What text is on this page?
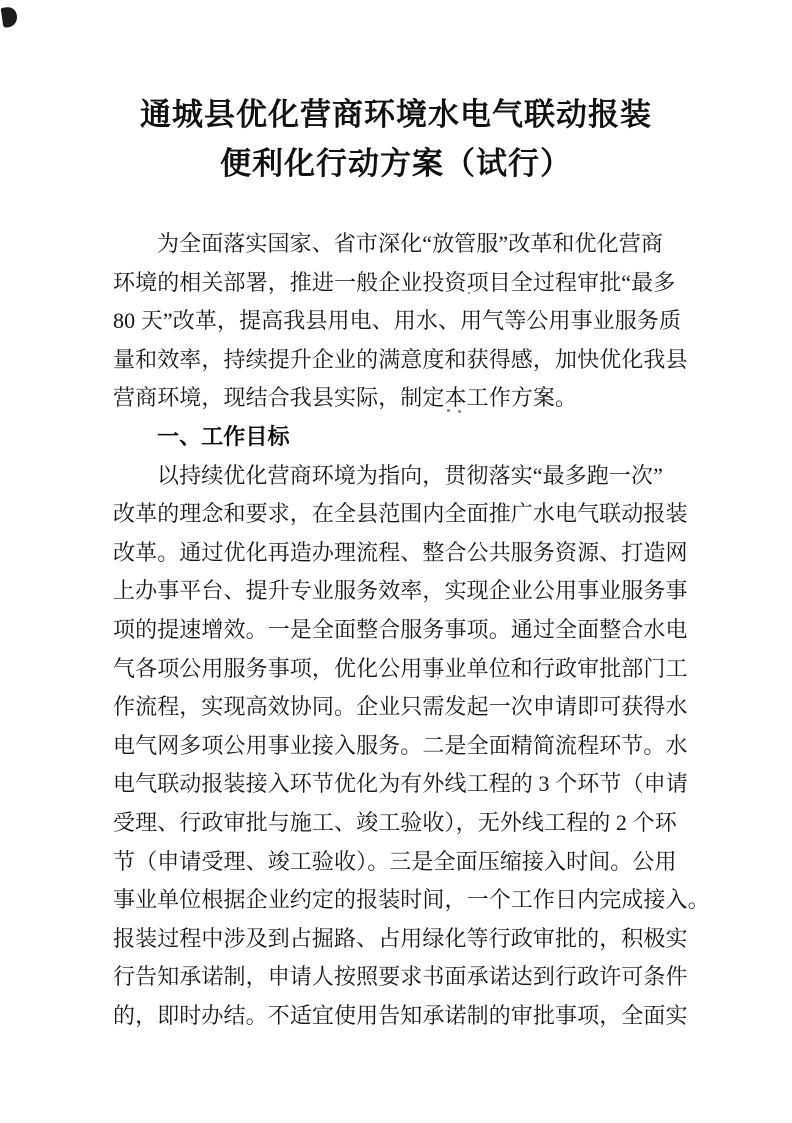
通城县优化营商环境水电气联动报装
便利化行动方案（试行）
为全面落实国家、省市深化“放管服”改革和优化营商
环境的相关部署，推进一般企业投资项目全过程审批“最多
80 天”改革，提高我县用电、用水、用气等公用事业服务质
量和效率，持续提升企业的满意度和获得感，加快优化我县
营商环境，现结合我县实际，制定本工作方案。
一、工作目标
以持续优化营商环境为指向，贯彻落实“最多跑一次”
改革的理念和要求，在全县范围内全面推广水电气联动报装
改革。通过优化再造办理流程、整合公共服务资源、打造网
上办事平台、提升专业服务效率，实现企业公用事业服务事
项的提速增效。一是全面整合服务事项。通过全面整合水电
气各项公用服务事项，优化公用事业单位和行政审批部门工
作流程，实现高效协同。企业只需发起一次申请即可获得水
电气网多项公用事业接入服务。二是全面精简流程环节。水
电气联动报装接入环节优化为有外线工程的 3 个环节（申请
受理、行政审批与施工、竣工验收），无外线工程的 2 个环
节（申请受理、竣工验收）。三是全面压缩接入时间。公用
事业单位根据企业约定的报装时间，一个工作日内完成接入。
报装过程中涉及到占掘路、占用绿化等行政审批的，积极实
行告知承诺制，申请人按照要求书面承诺达到行政许可条件
的，即时办结。不适宜使用告知承诺制的审批事项，全面实
